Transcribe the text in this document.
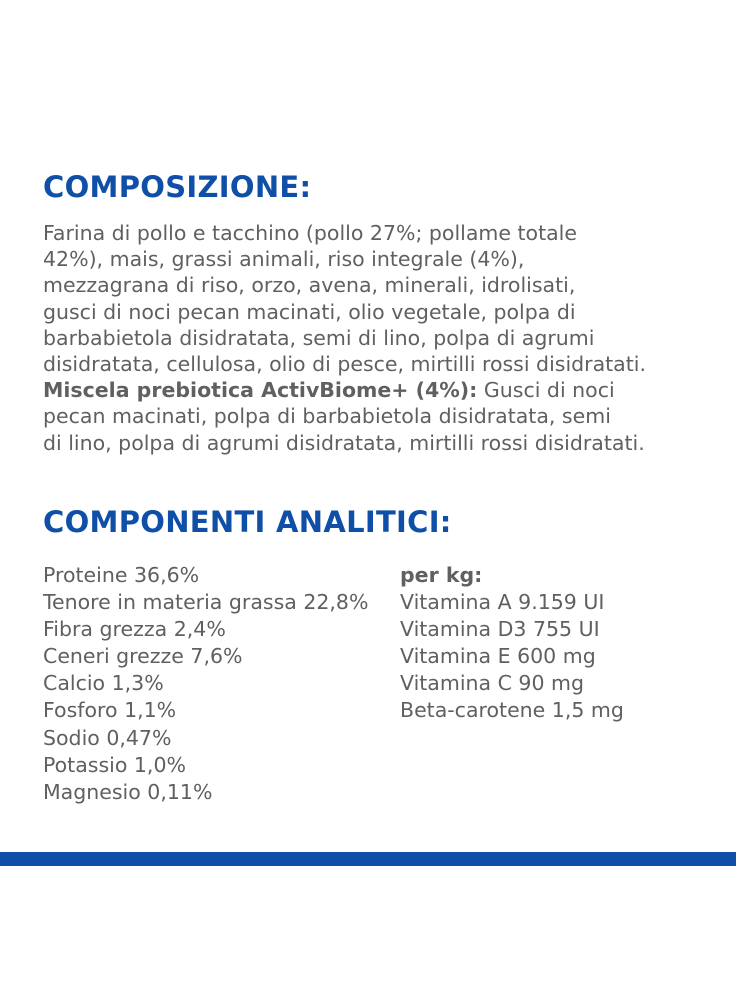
COMPOSIZIONE:
Farina di pollo e tacchino (pollo 27%; pollame totale
42%), mais, grassi animali, riso integrale (4%),
mezzagrana di riso, orzo, avena, minerali, idrolisati,
gusci di noci pecan macinati, olio vegetale, polpa di
barbabietola disidratata, semi di lino, polpa di agrumi
disidratata, cellulosa, olio di pesce, mirtilli rossi disidratati.
Miscela prebiotica ActivBiome+ (4%): Gusci di noci
pecan macinati, polpa di barbabietola disidratata, semi
di lino, polpa di agrumi disidratata, mirtilli rossi disidratati.
COMPONENTI ANALITICI:
Proteine 36,6%
Tenore in materia grassa 22,8%
Fibra grezza 2,4%
Ceneri grezze 7,6%
Calcio 1,3%
Fosforo 1,1%
Sodio 0,47%
Potassio 1,0%
Magnesio 0,11%
per kg:
Vitamina A 9.159 UI
Vitamina D3 755 UI
Vitamina E 600 mg
Vitamina C 90 mg
Beta-carotene 1,5 mg
